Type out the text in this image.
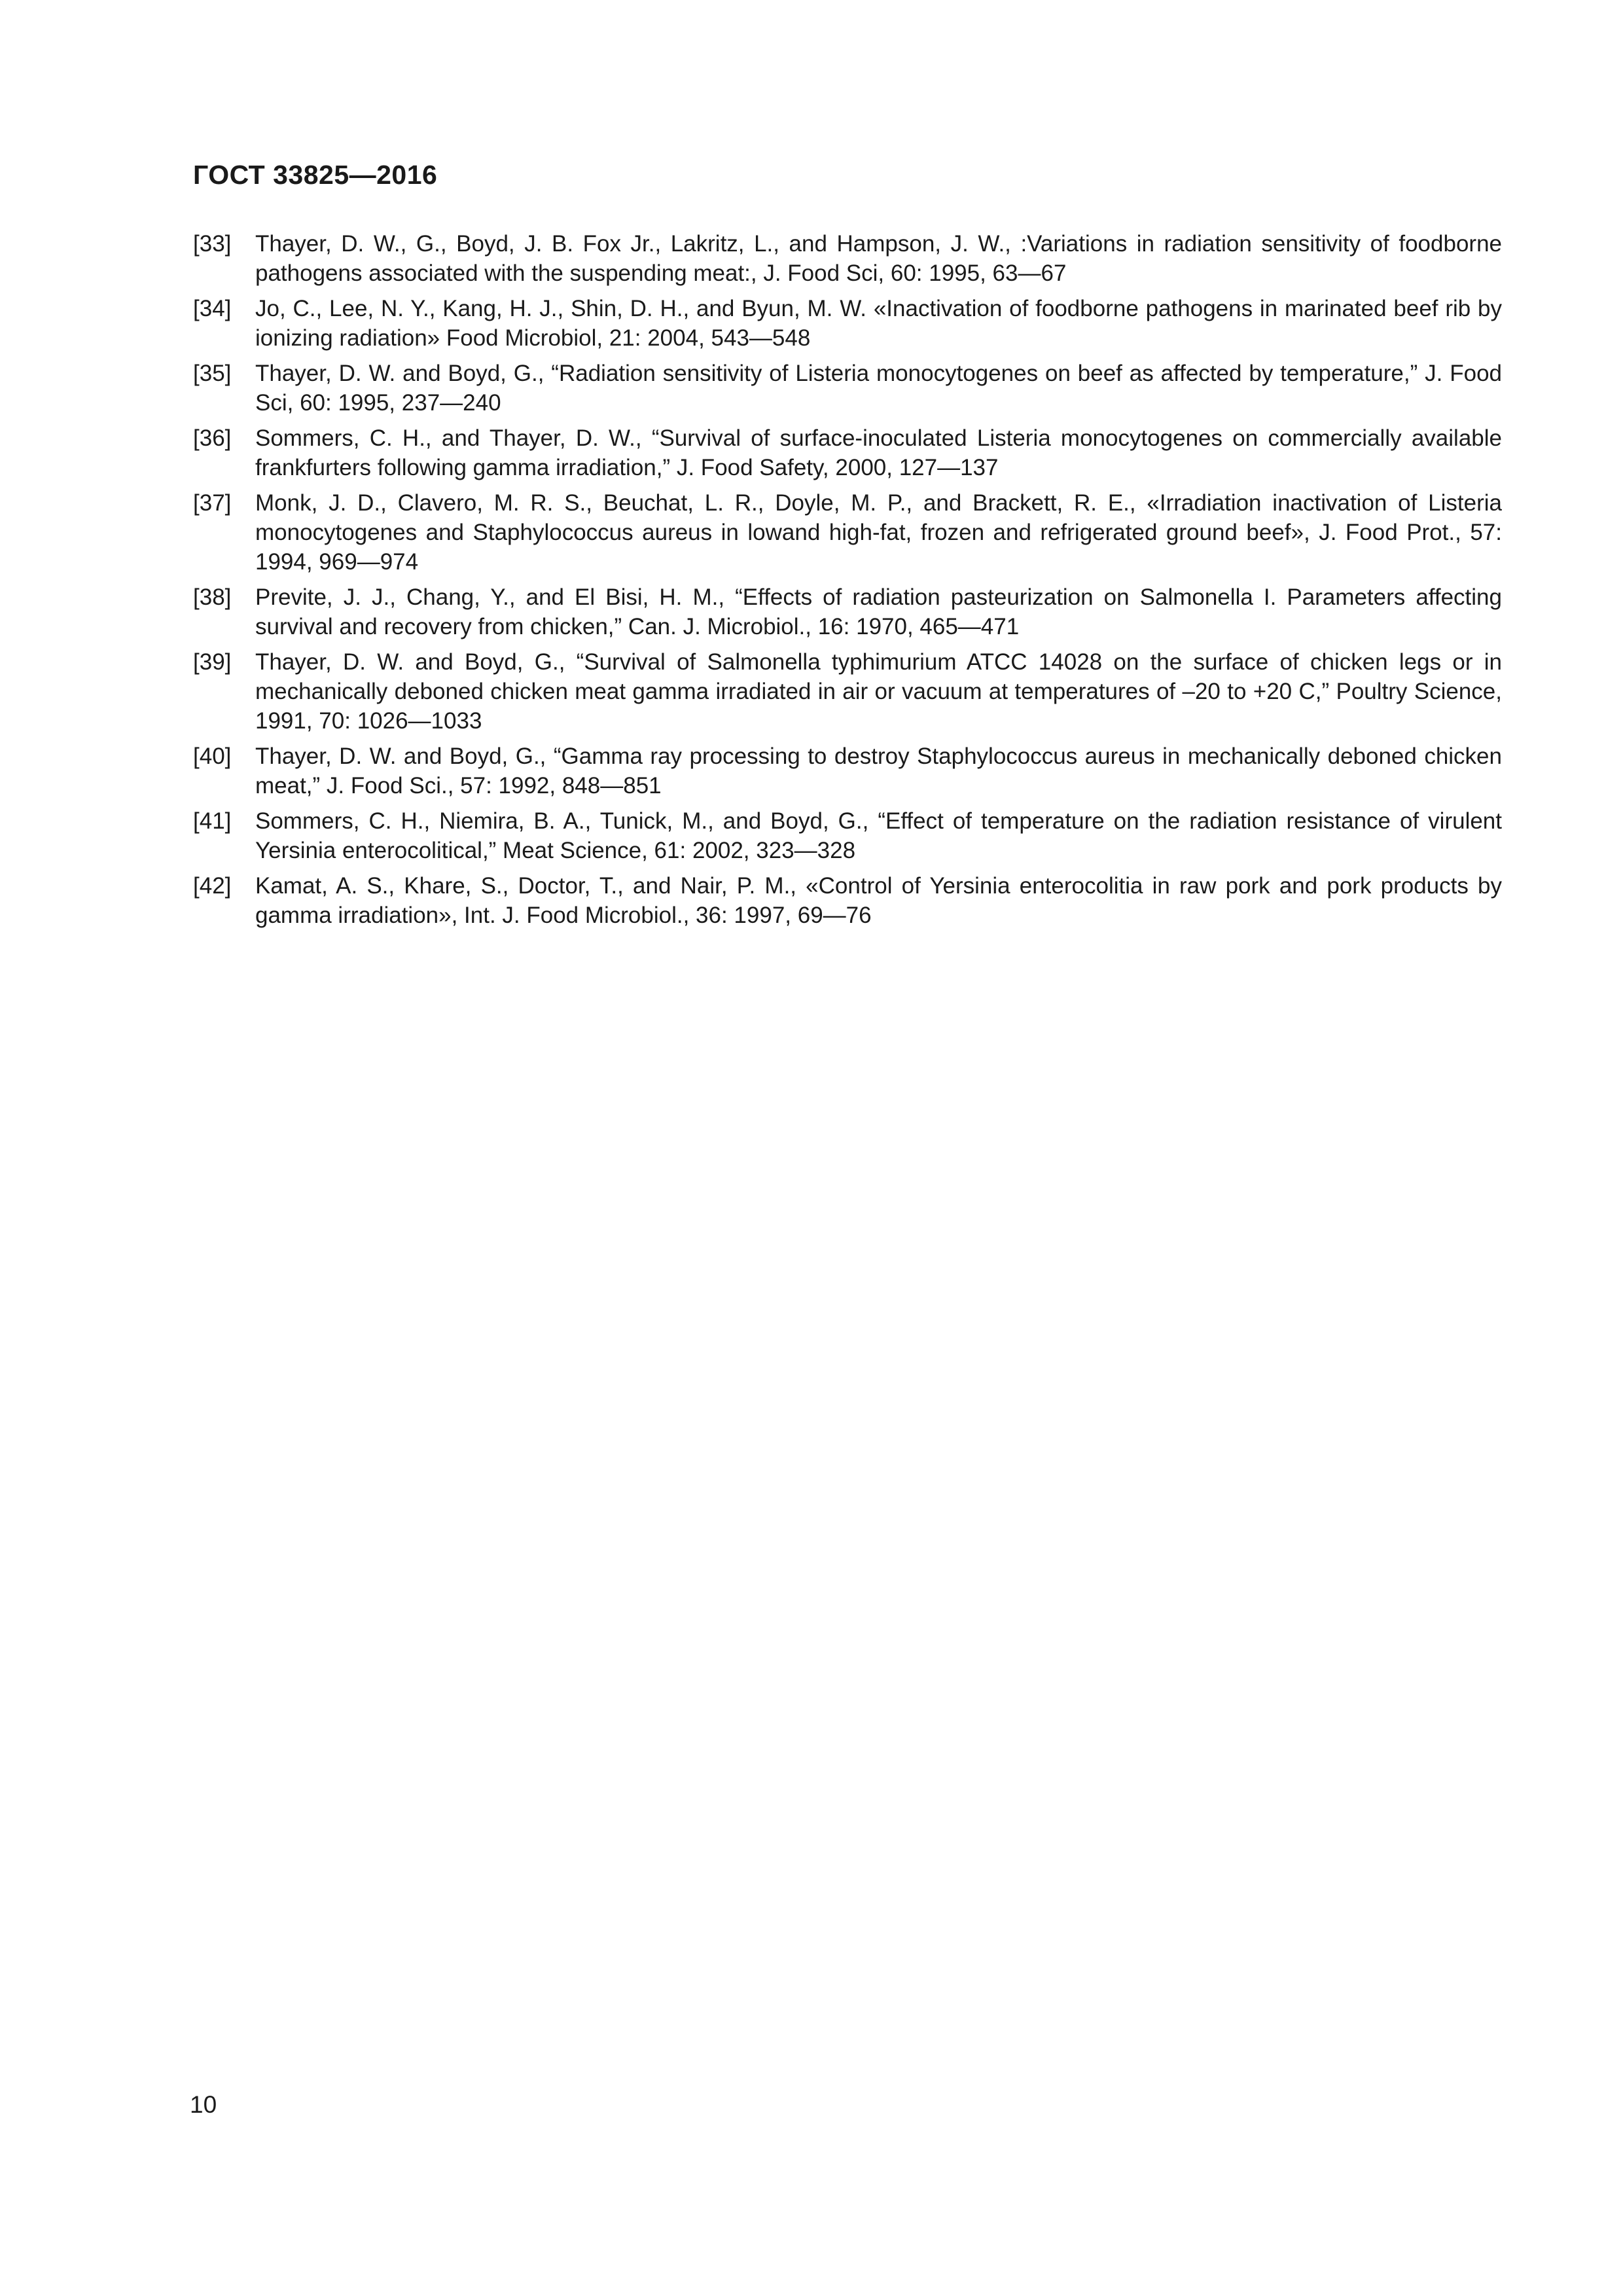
ГОСТ 33825—2016
[33]	Thayer, D. W., G., Boyd, J. B. Fox Jr., Lakritz, L., and Hampson, J. W., :Variations in radiation sensitivity of foodborne pathogens associated with the suspending meat:, J. Food Sci, 60: 1995, 63—67
[34]	Jo, C., Lee, N. Y., Kang, H. J., Shin, D. H., and Byun, M. W. «Inactivation of foodborne pathogens in marinated beef rib by ionizing radiation» Food Microbiol, 21: 2004, 543—548
[35]	Thayer, D. W. and Boyd, G., “Radiation sensitivity of Listeria monocytogenes on beef as affected by temperature,” J. Food Sci, 60: 1995, 237—240
[36]	Sommers, C. H., and Thayer, D. W., “Survival of surface-inoculated Listeria monocytogenes on commercially available frankfurters following gamma irradiation,” J. Food Safety, 2000, 127—137
[37]	Monk, J. D., Clavero, M. R. S., Beuchat, L. R., Doyle, M. P., and Brackett, R. E., «Irradiation inactivation of Listeria monocytogenes and Staphylococcus aureus in lowand high-fat, frozen and refrigerated ground beef», J. Food Prot., 57: 1994, 969—974
[38]	Previte, J. J., Chang, Y., and El Bisi, H. M., “Effects of radiation pasteurization on Salmonella I. Parameters affecting survival and recovery from chicken,” Can. J. Microbiol., 16: 1970, 465—471
[39]	Thayer, D. W. and Boyd, G., “Survival of Salmonella typhimurium ATCC 14028 on the surface of chicken legs or in mechanically deboned chicken meat gamma irradiated in air or vacuum at temperatures of –20 to +20 C,” Poultry Science, 1991, 70: 1026—1033
[40]	Thayer, D. W. and Boyd, G., “Gamma ray processing to destroy Staphylococcus aureus in mechanically deboned chicken meat,” J. Food Sci., 57: 1992, 848—851
[41]	Sommers, C. H., Niemira, B. A., Tunick, M., and Boyd, G., “Effect of temperature on the radiation resistance of virulent Yersinia enterocolitical,” Meat Science, 61: 2002, 323—328
[42]	Kamat, A. S., Khare, S., Doctor, T., and Nair, P. M., «Control of Yersinia enterocolitia in raw pork and pork products by gamma irradiation», Int. J. Food Microbiol., 36: 1997, 69—76
10
